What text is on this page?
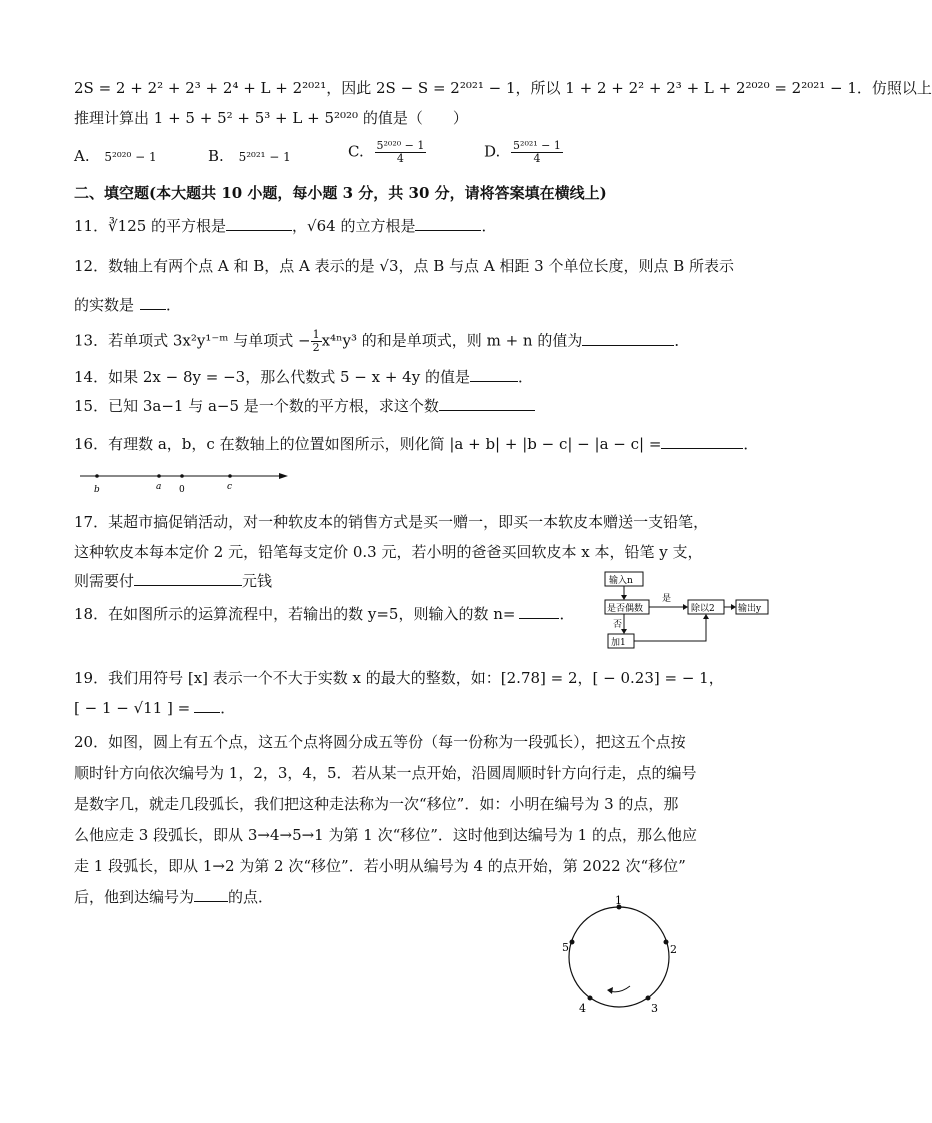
2S = 2 + 2² + 2³ + 2⁴ + L + 2²⁰²¹，因此 2S − S = 2²⁰²¹ − 1，所以 1 + 2 + 2² + 2³ + L + 2²⁰²⁰ = 2²⁰²¹ − 1．仿照以上
推理计算出 1 + 5 + 5² + 5³ + L + 5²⁰²⁰ 的值是（　　）
A. 5²⁰²⁰ − 1	B. 5²⁰²¹ − 1	C. $\frac{\text{5²⁰²⁰ − 1}}{4}$	D. $\frac{\text{5²⁰²¹ − 1}}{4}$
二、填空题(本大题共 10 小题，每小题 3 分，共 30 分，请将答案填在横线上)
11．∛125 的平方根是	，√64 的立方根是	．
12．数轴上有两个点 A 和 B，点 A 表示的是 √3，点 B 与点 A 相距 3 个单位长度，则点 B 所表示
的实数是 ．
13．若单项式 3x²y¹⁻ᵐ 与单项式 − $\frac{1}{2} x^{4n}y^3$ 的和是单项式，则 m + n 的值为	．
14．如果 2x − 8y = −3，那么代数式 5 − x + 4y 的值是	．
15．已知 3a−1 与 a−5 是一个数的平方根，求这个数
16．有理数 a，b，c 在数轴上的位置如图所示，则化简 |a + b| + |b − c| − |a − c| =	．
b	a 0	c
17．某超市搞促销活动，对一种软皮本的销售方式是买一赠一，即买一本软皮本赠送一支铅笔，
这种软皮本每本定价 2 元，铅笔每支定价 0.3 元，若小明的爸爸买回软皮本 x 本，铅笔 y 支，
则需要付	元钱
18．在如图所示的运算流程中，若输出的数 y=5，则输入的数 n=	．
输入n
是否偶数
是
除以2	输出y
否
加1
19．我们用符号 [x] 表示一个不大于实数 x 的最大的整数，如：[2.78] = 2，[ − 0.23] = − 1，
[ − 1 − √11 ] = ．
20．如图，圆上有五个点，这五个点将圆分成五等份（每一份称为一段弧长），把这五个点按
顺时针方向依次编号为 1，2，3，4，5．若从某一点开始，沿圆周顺时针方向行走，点的编号
是数字几，就走几段弧长，我们把这种走法称为一次“移位”．如：小明在编号为 3 的点，那
么他应走 3 段弧长，即从 3→4→5→1 为第 1 次“移位”．这时他到达编号为 1 的点，那么他应
走 1 段弧长，即从 1→2 为第 2 次“移位”．若小明从编号为 4 的点开始，第 2022 次“移位”
后，他到达编号为 的点．	1
2
3
4
5
